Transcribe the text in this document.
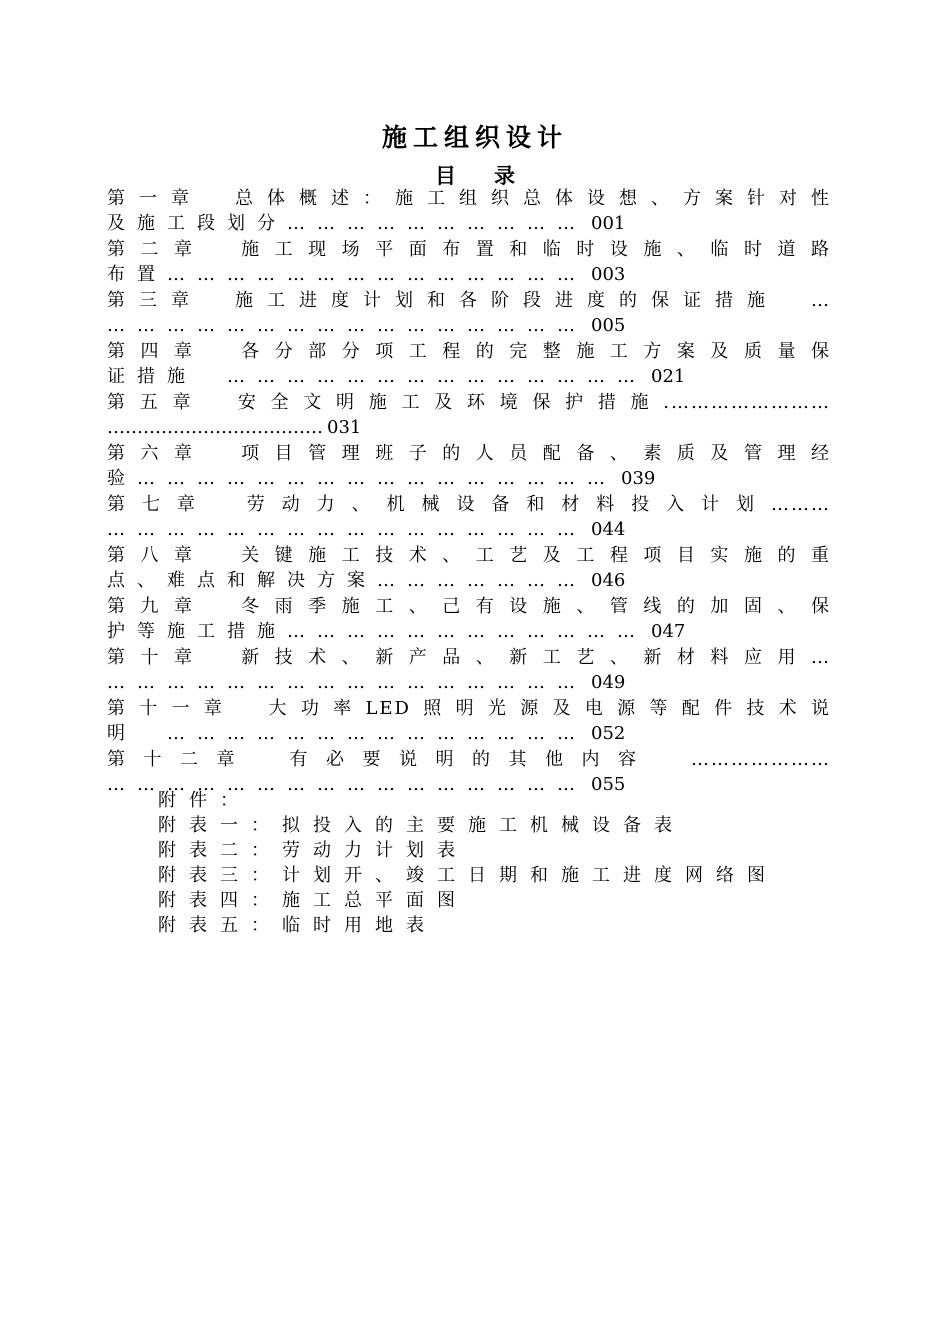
施工组织设计
目录
第一章　总体概述：施工组织总体设想、方案针对性
及施工段划分………………………… 001
第二章　施工现场平面布置和临时设施、临时道路
布置…………………………………… 003
第三章　施工进度计划和各阶段进度的保证措施　…
………………………………………… 005
第四章　各分部分项工程的完整施工方案及质量保
证措施　…………………………………… 021
第五章　安全文明施工及环境保护措施.……………………
……………………………… 031
第六章　项目管理班子的人员配备、素质及管理经
验………………………………………… 039
第七章　劳动力、机械设备和材料投入计划………
………………………………………… 044
第八章　关键施工技术、工艺及工程项目实施的重
点、难点和解决方案………………… 046
第九章　冬雨季施工、己有设施、管线的加固、保
护等施工措施……………………………… 047
第十章　新技术、新产品、新工艺、新材料应用…
………………………………………… 049
第十一章　大功率LED照明光源及电源等配件技术说
明　…………………………………… 052
第十二章　有必要说明的其他内容　…………………
………………………………………… 055
附件：
附表一：拟投入的主要施工机械设备表
附表二：劳动力计划表
附表三：计划开、竣工日期和施工进度网络图
附表四：施工总平面图
附表五：临时用地表
